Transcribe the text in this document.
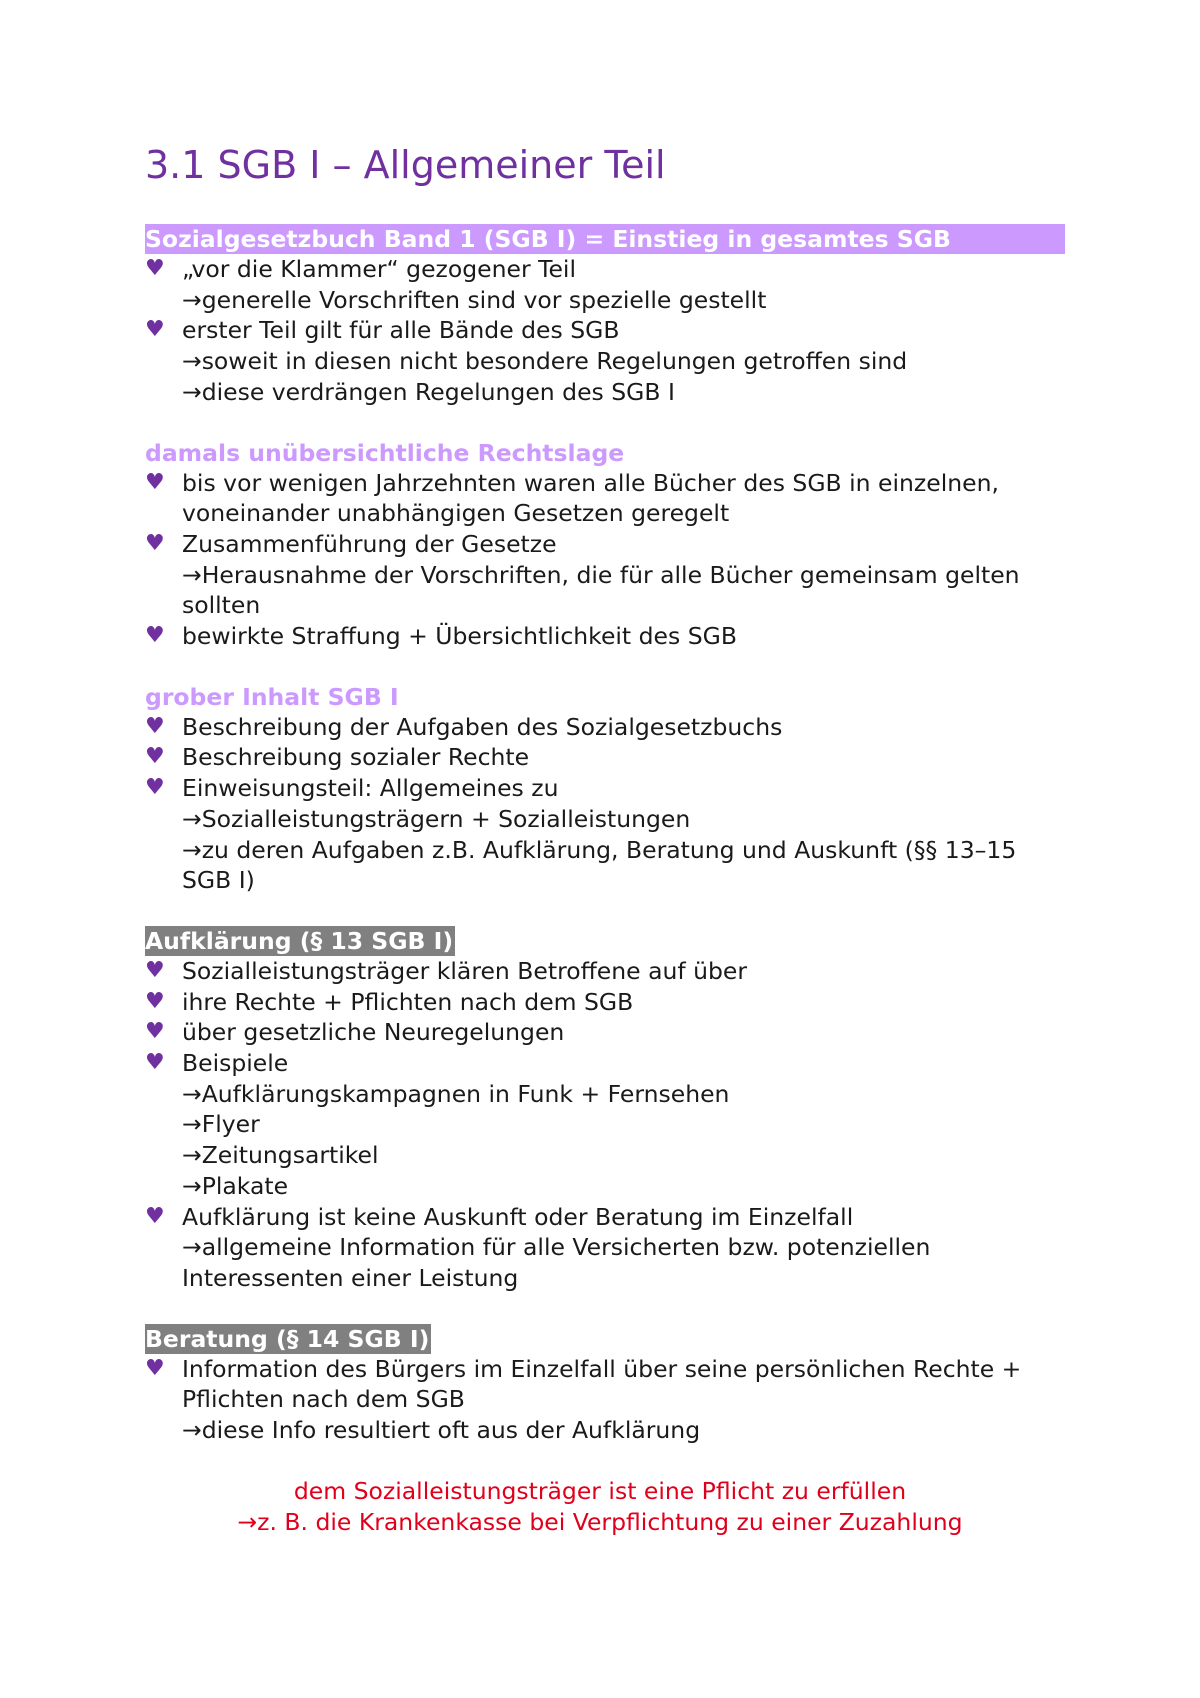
3.1 SGB I – Allgemeiner Teil
Sozialgesetzbuch Band 1 (SGB I) = Einstieg in gesamtes SGB
♥ „vor die Klammer“ gezogener Teil
→generelle Vorschriften sind vor spezielle gestellt
♥ erster Teil gilt für alle Bände des SGB
→soweit in diesen nicht besondere Regelungen getroffen sind
→diese verdrängen Regelungen des SGB I
damals unübersichtliche Rechtslage
♥ bis vor wenigen Jahrzehnten waren alle Bücher des SGB in einzelnen,
voneinander unabhängigen Gesetzen geregelt
♥ Zusammenführung der Gesetze
→Herausnahme der Vorschriften, die für alle Bücher gemeinsam gelten
sollten
♥ bewirkte Straffung + Übersichtlichkeit des SGB
grober Inhalt SGB I
♥ Beschreibung der Aufgaben des Sozialgesetzbuchs
♥ Beschreibung sozialer Rechte
♥ Einweisungsteil: Allgemeines zu
→Sozialleistungsträgern + Sozialleistungen
→zu deren Aufgaben z.B. Aufklärung, Beratung und Auskunft (§§ 13–15
SGB I)
Aufklärung (§ 13 SGB I)
♥ Sozialleistungsträger klären Betroffene auf über
♥ ihre Rechte + Pflichten nach dem SGB
♥ über gesetzliche Neuregelungen
♥ Beispiele
→Aufklärungskampagnen in Funk + Fernsehen
→Flyer
→Zeitungsartikel
→Plakate
♥ Aufklärung ist keine Auskunft oder Beratung im Einzelfall
→allgemeine Information für alle Versicherten bzw. potenziellen
Interessenten einer Leistung
Beratung (§ 14 SGB I)
♥ Information des Bürgers im Einzelfall über seine persönlichen Rechte +
Pflichten nach dem SGB
→diese Info resultiert oft aus der Aufklärung
dem Sozialleistungsträger ist eine Pflicht zu erfüllen
→z. B. die Krankenkasse bei Verpflichtung zu einer Zuzahlung
